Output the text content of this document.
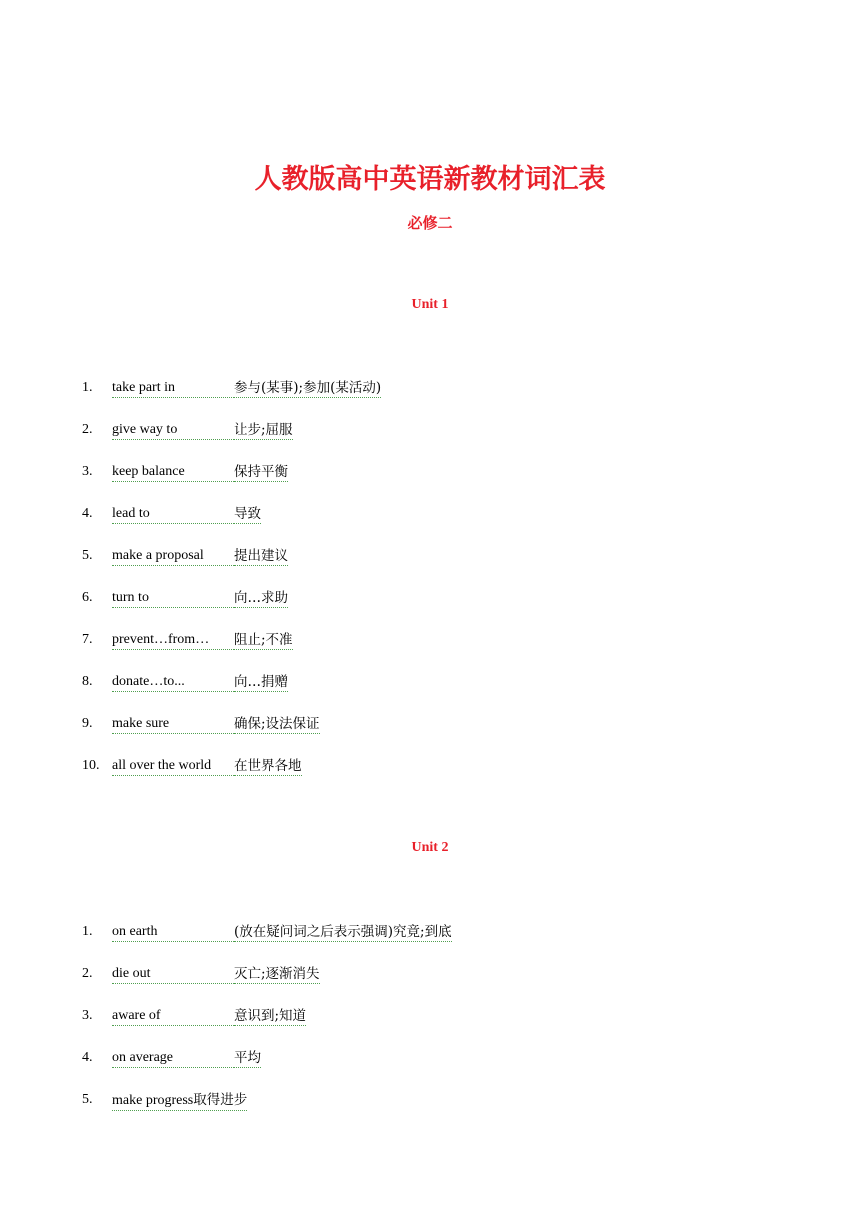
人教版高中英语新教材词汇表
必修二
Unit 1
1. take part in	参与(某事);参加(某活动)
2. give way to	让步;屈服
3. keep balance	保持平衡
4. lead to	导致
5. make a proposal	提出建议
6. turn to	向…求助
7. prevent…from…	阻止;不准
8. donate…to...	向…捐赠
9. make sure	确保;设法保证
10. all over the world	在世界各地
Unit 2
1. on earth	(放在疑问词之后表示强调)究竟;到底
2. die out	灭亡;逐渐消失
3. aware of	意识到;知道
4. on average	平均
5. make progress取得进步
